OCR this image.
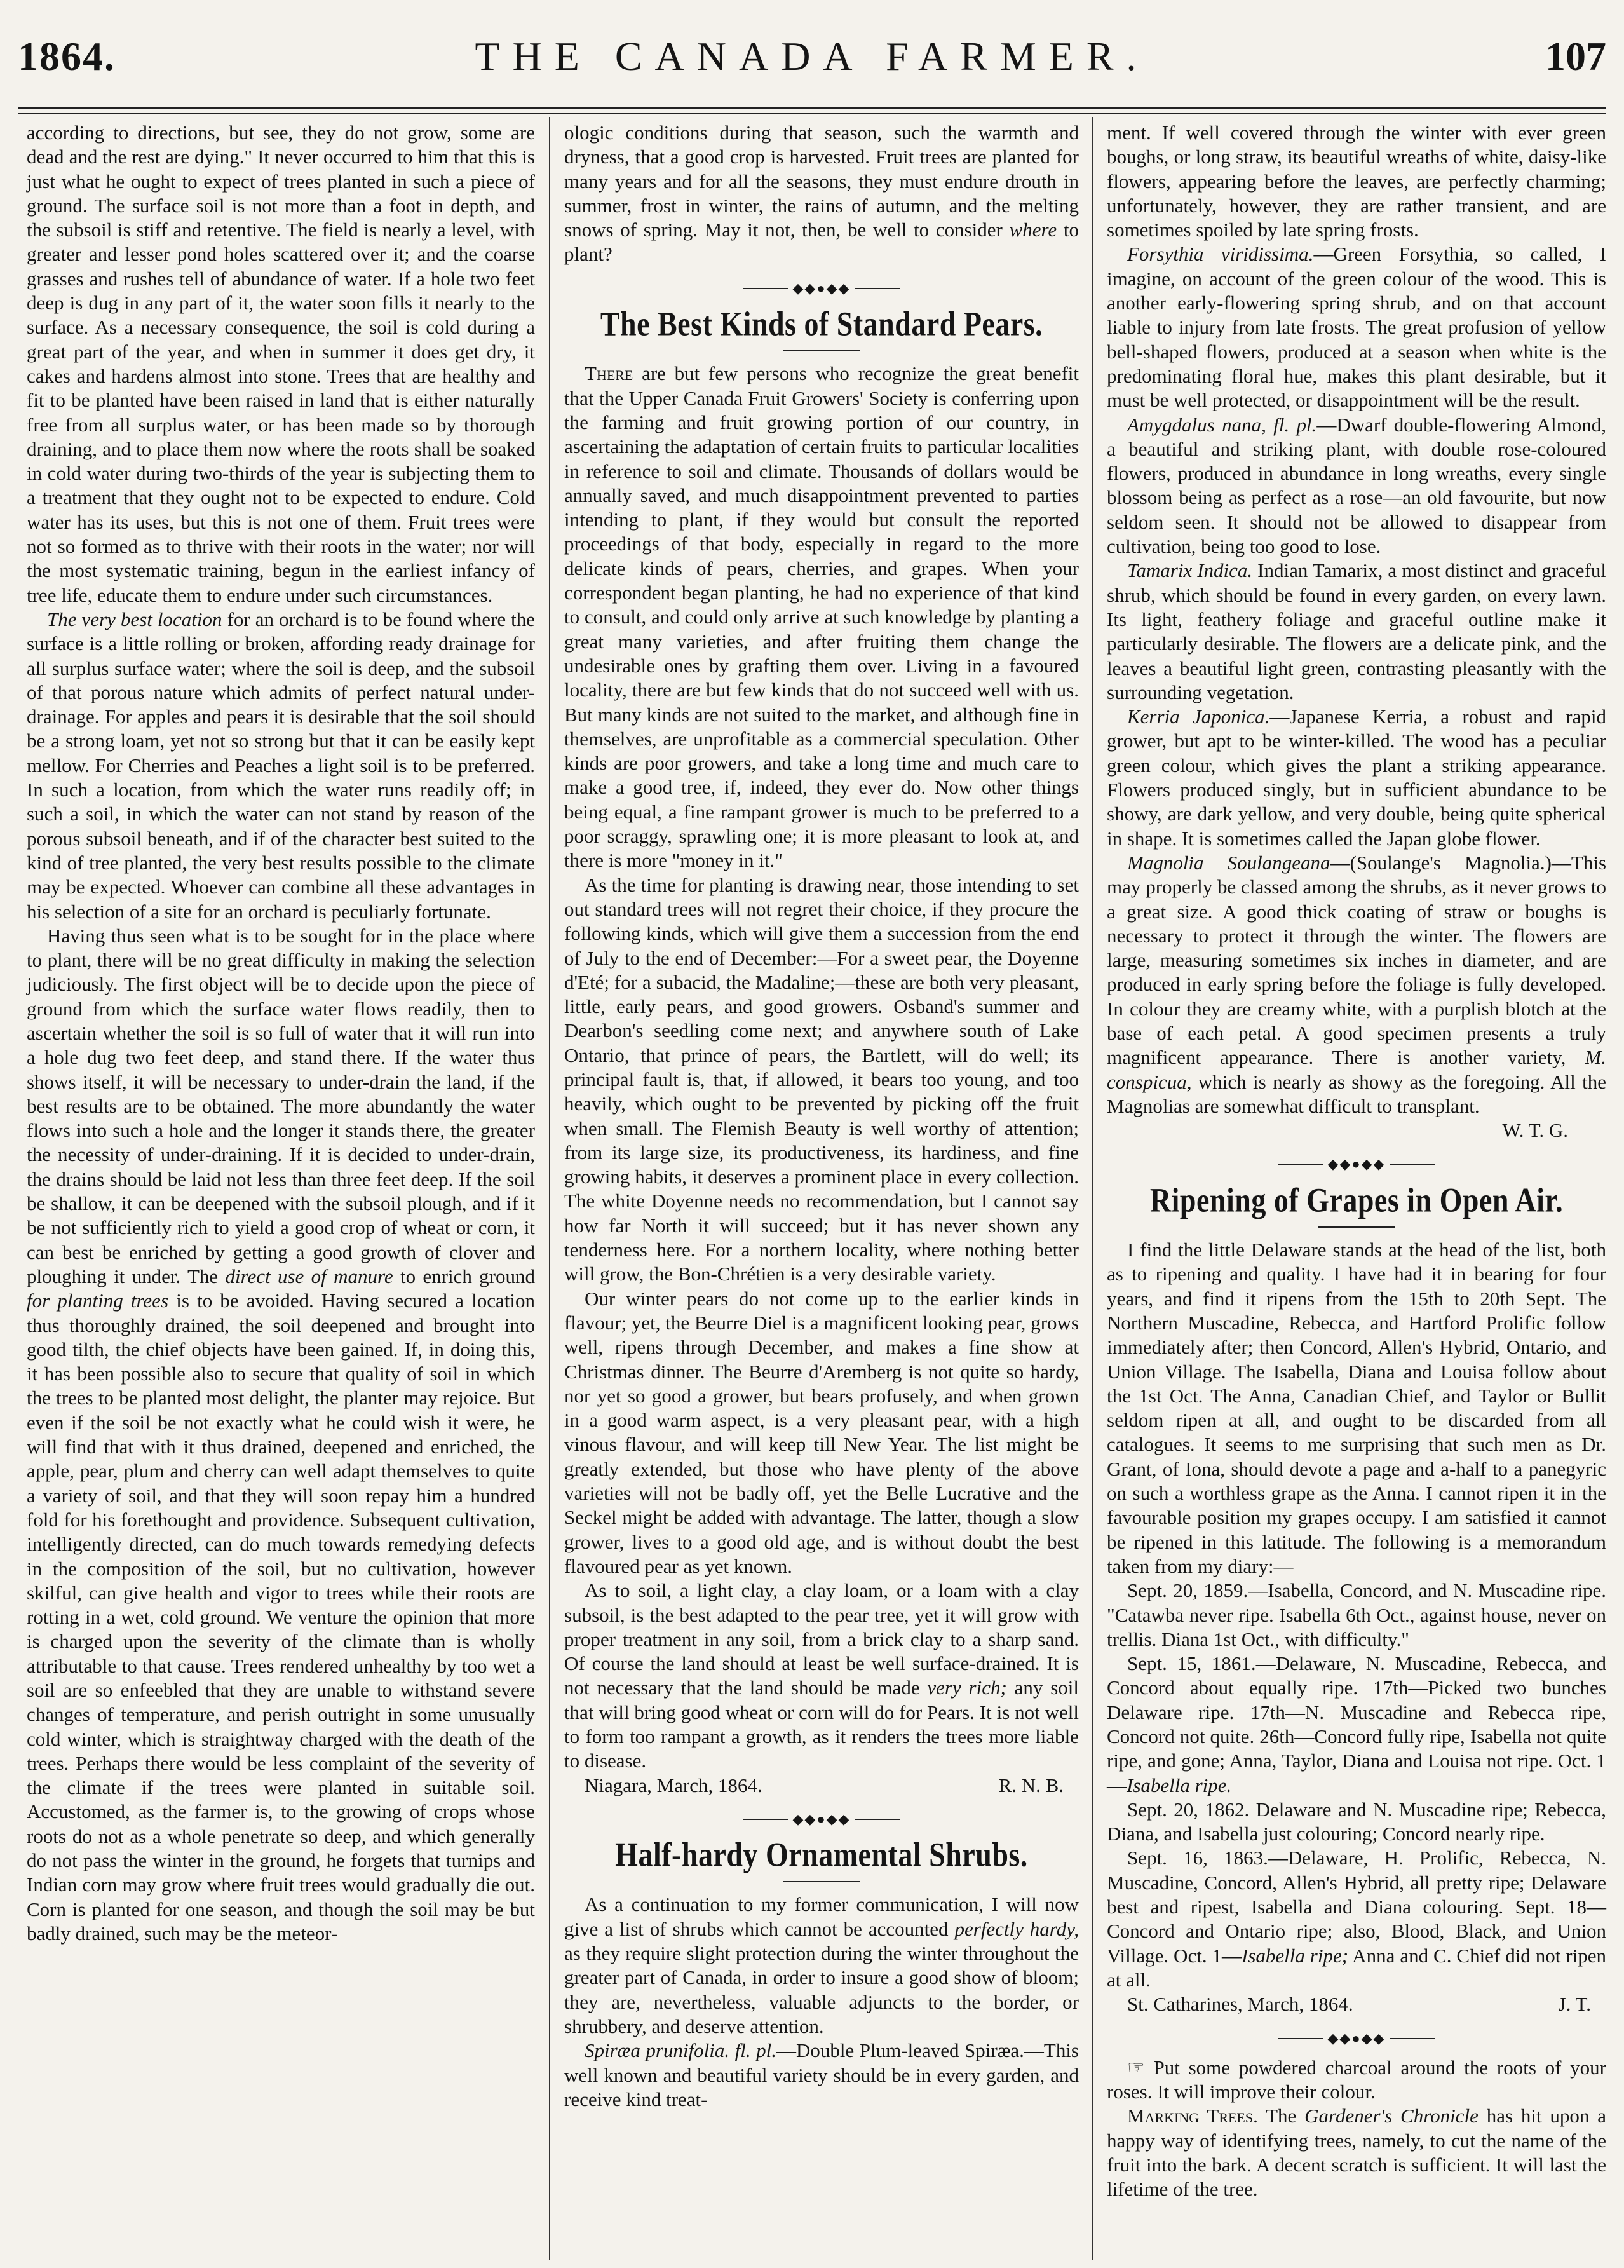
1864.	THE CANADA FARMER.	107

according to directions, but see, they do not grow, some are dead and the rest are dying." It never occurred to him that this is just what he ought to expect of trees planted in such a piece of ground. The surface soil is not more than a foot in depth, and the subsoil is stiff and retentive. The field is nearly a level, with greater and lesser pond holes scattered over it; and the coarse grasses and rushes tell of abundance of water. If a hole two feet deep is dug in any part of it, the water soon fills it nearly to the surface. As a necessary consequence, the soil is cold during a great part of the year, and when in summer it does get dry, it cakes and hardens almost into stone. Trees that are healthy and fit to be planted have been raised in land that is either naturally free from all surplus water, or has been made so by thorough draining, and to place them now where the roots shall be soaked in cold water during two-thirds of the year is subjecting them to a treatment that they ought not to be expected to endure. Cold water has its uses, but this is not one of them. Fruit trees were not so formed as to thrive with their roots in the water; nor will the most systematic training, begun in the earliest infancy of tree life, educate them to endure under such circumstances.

The very best location for an orchard is to be found where the surface is a little rolling or broken, affording ready drainage for all surplus surface water; where the soil is deep, and the subsoil of that porous nature which admits of perfect natural under-drainage. For apples and pears it is desirable that the soil should be a strong loam, yet not so strong but that it can be easily kept mellow. For Cherries and Peaches a light soil is to be preferred. In such a location, from which the water runs readily off; in such a soil, in which the water can not stand by reason of the porous subsoil beneath, and if of the character best suited to the kind of tree planted, the very best results possible to the climate may be expected. Whoever can combine all these advantages in his selection of a site for an orchard is peculiarly fortunate.

Having thus seen what is to be sought for in the place where to plant, there will be no great difficulty in making the selection judiciously. The first object will be to decide upon the piece of ground from which the surface water flows readily, then to ascertain whether the soil is so full of water that it will run into a hole dug two feet deep, and stand there. If the water thus shows itself, it will be necessary to under-drain the land, if the best results are to be obtained. The more abundantly the water flows into such a hole and the longer it stands there, the greater the necessity of under-draining. If it is decided to under-drain, the drains should be laid not less than three feet deep. If the soil be shallow, it can be deepened with the subsoil plough, and if it be not sufficiently rich to yield a good crop of wheat or corn, it can best be enriched by getting a good growth of clover and ploughing it under. The direct use of manure to enrich ground for planting trees is to be avoided. Having secured a location thus thoroughly drained, the soil deepened and brought into good tilth, the chief objects have been gained. If, in doing this, it has been possible also to secure that quality of soil in which the trees to be planted most delight, the planter may rejoice. But even if the soil be not exactly what he could wish it were, he will find that with it thus drained, deepened and enriched, the apple, pear, plum and cherry can well adapt themselves to quite a variety of soil, and that they will soon repay him a hundred fold for his forethought and providence. Subsequent cultivation, intelligently directed, can do much towards remedying defects in the composition of the soil, but no cultivation, however skilful, can give health and vigor to trees while their roots are rotting in a wet, cold ground. We venture the opinion that more is charged upon the severity of the climate than is wholly attributable to that cause. Trees rendered unhealthy by too wet a soil are so enfeebled that they are unable to withstand severe changes of temperature, and perish outright in some unusually cold winter, which is straightway charged with the death of the trees. Perhaps there would be less complaint of the severity of the climate if the trees were planted in suitable soil. Accustomed, as the farmer is, to the growing of crops whose roots do not as a whole penetrate so deep, and which generally do not pass the winter in the ground, he forgets that turnips and Indian corn may grow where fruit trees would gradually die out. Corn is planted for one season, and though the soil may be but badly drained, such may be the meteor-

ologic conditions during that season, such the warmth and dryness, that a good crop is harvested. Fruit trees are planted for many years and for all the seasons, they must endure drouth in summer, frost in winter, the rains of autumn, and the melting snows of spring. May it not, then, be well to consider where to plant?

◆◆●◆◆
The Best Kinds of Standard Pears.

There are but few persons who recognize the great benefit that the Upper Canada Fruit Growers' Society is conferring upon the farming and fruit growing portion of our country, in ascertaining the adaptation of certain fruits to particular localities in reference to soil and climate. Thousands of dollars would be annually saved, and much disappointment prevented to parties intending to plant, if they would but consult the reported proceedings of that body, especially in regard to the more delicate kinds of pears, cherries, and grapes. When your correspondent began planting, he had no experience of that kind to consult, and could only arrive at such knowledge by planting a great many varieties, and after fruiting them change the undesirable ones by grafting them over. Living in a favoured locality, there are but few kinds that do not succeed well with us. But many kinds are not suited to the market, and although fine in themselves, are unprofitable as a commercial speculation. Other kinds are poor growers, and take a long time and much care to make a good tree, if, indeed, they ever do. Now other things being equal, a fine rampant grower is much to be preferred to a poor scraggy, sprawling one; it is more pleasant to look at, and there is more "money in it."

As the time for planting is drawing near, those intending to set out standard trees will not regret their choice, if they procure the following kinds, which will give them a succession from the end of July to the end of December:—For a sweet pear, the Doyenne d'Eté; for a subacid, the Madaline;—these are both very pleasant, little, early pears, and good growers. Osband's summer and Dearbon's seedling come next; and anywhere south of Lake Ontario, that prince of pears, the Bartlett, will do well; its principal fault is, that, if allowed, it bears too young, and too heavily, which ought to be prevented by picking off the fruit when small. The Flemish Beauty is well worthy of attention; from its large size, its productiveness, its hardiness, and fine growing habits, it deserves a prominent place in every collection. The white Doyenne needs no recommendation, but I cannot say how far North it will succeed; but it has never shown any tenderness here. For a northern locality, where nothing better will grow, the Bon-Chrétien is a very desirable variety.

Our winter pears do not come up to the earlier kinds in flavour; yet, the Beurre Diel is a magnificent looking pear, grows well, ripens through December, and makes a fine show at Christmas dinner. The Beurre d'Aremberg is not quite so hardy, nor yet so good a grower, but bears profusely, and when grown in a good warm aspect, is a very pleasant pear, with a high vinous flavour, and will keep till New Year. The list might be greatly extended, but those who have plenty of the above varieties will not be badly off, yet the Belle Lucrative and the Seckel might be added with advantage. The latter, though a slow grower, lives to a good old age, and is without doubt the best flavoured pear as yet known.

As to soil, a light clay, a clay loam, or a loam with a clay subsoil, is the best adapted to the pear tree, yet it will grow with proper treatment in any soil, from a brick clay to a sharp sand. Of course the land should at least be well surface-drained. It is not necessary that the land should be made very rich; any soil that will bring good wheat or corn will do for Pears. It is not well to form too rampant a growth, as it renders the trees more liable to disease.

Niagara, March, 1864.	R. N. B.
◆◆●◆◆
Half-hardy Ornamental Shrubs.

As a continuation to my former communication, I will now give a list of shrubs which cannot be accounted perfectly hardy, as they require slight protection during the winter throughout the greater part of Canada, in order to insure a good show of bloom; they are, nevertheless, valuable adjuncts to the border, or shrubbery, and deserve attention.

Spiræa prunifolia. fl. pl.—Double Plum-leaved Spiræa.—This well known and beautiful variety should be in every garden, and receive kind treat-

ment. If well covered through the winter with ever green boughs, or long straw, its beautiful wreaths of white, daisy-like flowers, appearing before the leaves, are perfectly charming; unfortunately, however, they are rather transient, and are sometimes spoiled by late spring frosts.

Forsythia viridissima.—Green Forsythia, so called, I imagine, on account of the green colour of the wood. This is another early-flowering spring shrub, and on that account liable to injury from late frosts. The great profusion of yellow bell-shaped flowers, produced at a season when white is the predominating floral hue, makes this plant desirable, but it must be well protected, or disappointment will be the result.

Amygdalus nana, fl. pl.—Dwarf double-flowering Almond, a beautiful and striking plant, with double rose-coloured flowers, produced in abundance in long wreaths, every single blossom being as perfect as a rose—an old favourite, but now seldom seen. It should not be allowed to disappear from cultivation, being too good to lose.

Tamarix Indica. Indian Tamarix, a most distinct and graceful shrub, which should be found in every garden, on every lawn. Its light, feathery foliage and graceful outline make it particularly desirable. The flowers are a delicate pink, and the leaves a beautiful light green, contrasting pleasantly with the surrounding vegetation.

Kerria Japonica.—Japanese Kerria, a robust and rapid grower, but apt to be winter-killed. The wood has a peculiar green colour, which gives the plant a striking appearance. Flowers produced singly, but in sufficient abundance to be showy, are dark yellow, and very double, being quite spherical in shape. It is sometimes called the Japan globe flower.

Magnolia Soulangeana—(Soulange's Magnolia.)—This may properly be classed among the shrubs, as it never grows to a great size. A good thick coating of straw or boughs is necessary to protect it through the winter. The flowers are large, measuring sometimes six inches in diameter, and are produced in early spring before the foliage is fully developed. In colour they are creamy white, with a purplish blotch at the base of each petal. A good specimen presents a truly magnificent appearance. There is another variety, M. conspicua, which is nearly as showy as the foregoing. All the Magnolias are somewhat difficult to transplant.

W. T. G.
◆◆●◆◆
Ripening of Grapes in Open Air.

I find the little Delaware stands at the head of the list, both as to ripening and quality. I have had it in bearing for four years, and find it ripens from the 15th to 20th Sept. The Northern Muscadine, Rebecca, and Hartford Prolific follow immediately after; then Concord, Allen's Hybrid, Ontario, and Union Village. The Isabella, Diana and Louisa follow about the 1st Oct. The Anna, Canadian Chief, and Taylor or Bullit seldom ripen at all, and ought to be discarded from all catalogues. It seems to me surprising that such men as Dr. Grant, of Iona, should devote a page and a-half to a panegyric on such a worthless grape as the Anna. I cannot ripen it in the favourable position my grapes occupy. I am satisfied it cannot be ripened in this latitude. The following is a memorandum taken from my diary:—

Sept. 20, 1859.—Isabella, Concord, and N. Muscadine ripe. "Catawba never ripe. Isabella 6th Oct., against house, never on trellis. Diana 1st Oct., with difficulty."

Sept. 15, 1861.—Delaware, N. Muscadine, Rebecca, and Concord about equally ripe. 17th—Picked two bunches Delaware ripe. 17th—N. Muscadine and Rebecca ripe, Concord not quite. 26th—Concord fully ripe, Isabella not quite ripe, and gone; Anna, Taylor, Diana and Louisa not ripe. Oct. 1—Isabella ripe.

Sept. 20, 1862. Delaware and N. Muscadine ripe; Rebecca, Diana, and Isabella just colouring; Concord nearly ripe.

Sept. 16, 1863.—Delaware, H. Prolific, Rebecca, N. Muscadine, Concord, Allen's Hybrid, all pretty ripe; Delaware best and ripest, Isabella and Diana colouring. Sept. 18—Concord and Ontario ripe; also, Blood, Black, and Union Village. Oct. 1—Isabella ripe; Anna and C. Chief did not ripen at all.

St. Catharines, March, 1864.	J. T.
◆◆●◆◆

☞ Put some powdered charcoal around the roots of your roses. It will improve their colour.

Marking Trees. The Gardener's Chronicle has hit upon a happy way of identifying trees, namely, to cut the name of the fruit into the bark. A decent scratch is sufficient. It will last the lifetime of the tree.
